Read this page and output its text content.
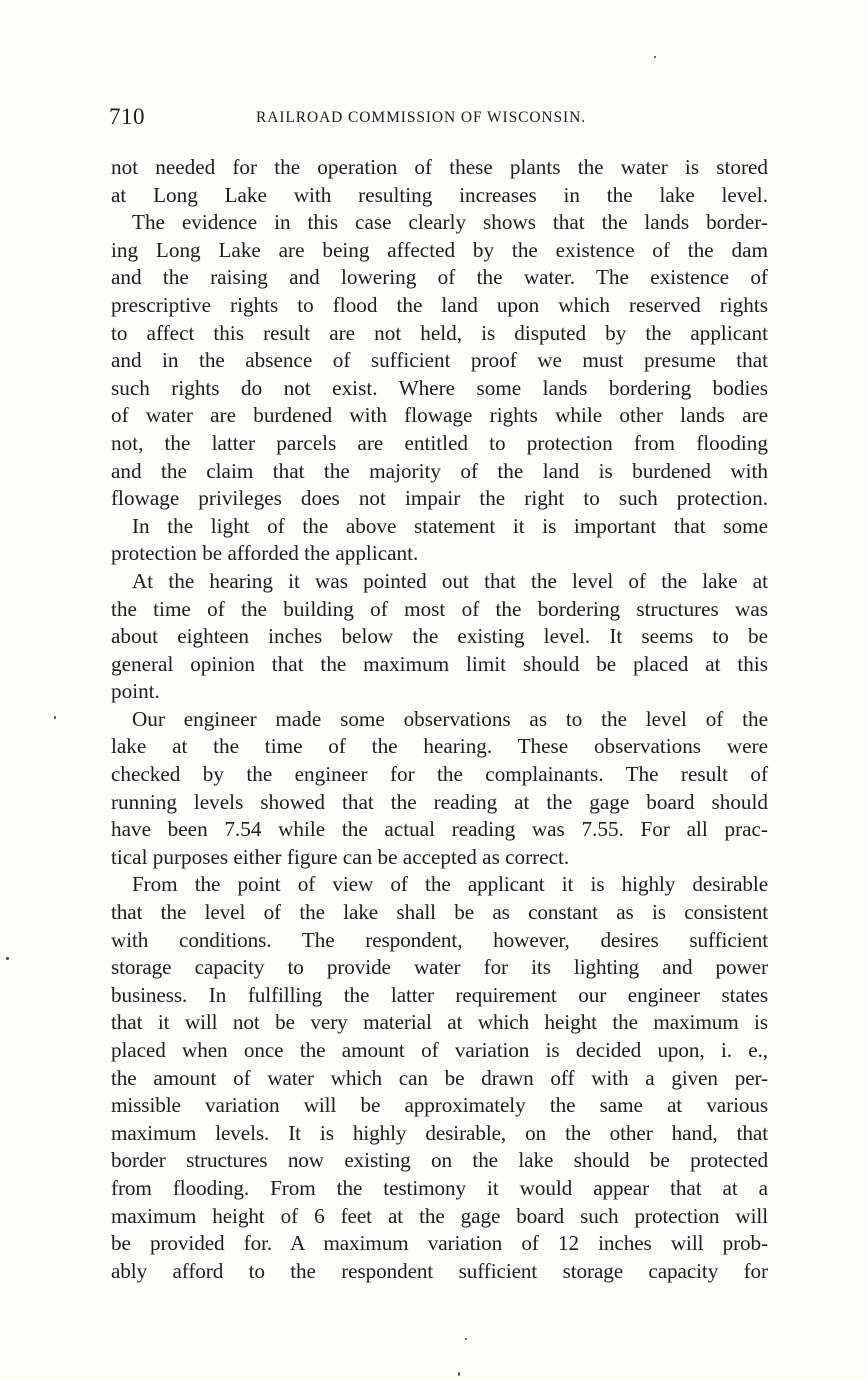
710	RAILROAD COMMISSION OF WISCONSIN.

not needed for the operation of these plants the water is stored
at Long Lake with resulting increases in the lake level.

The evidence in this case clearly shows that the lands border-
ing Long Lake are being affected by the existence of the dam
and the raising and lowering of the water. The existence of
prescriptive rights to flood the land upon which reserved rights
to affect this result are not held, is disputed by the applicant
and in the absence of sufficient proof we must presume that
such rights do not exist. Where some lands bordering bodies
of water are burdened with flowage rights while other lands are
not, the latter parcels are entitled to protection from flooding
and the claim that the majority of the land is burdened with
flowage privileges does not impair the right to such protection.

In the light of the above statement it is important that some
protection be afforded the applicant.

At the hearing it was pointed out that the level of the lake at
the time of the building of most of the bordering structures was
about eighteen inches below the existing level. It seems to be
general opinion that the maximum limit should be placed at this
point.

Our engineer made some observations as to the level of the
lake at the time of the hearing. These observations were
checked by the engineer for the complainants. The result of
running levels showed that the reading at the gage board should
have been 7.54 while the actual reading was 7.55. For all prac-
tical purposes either figure can be accepted as correct.

From the point of view of the applicant it is highly desirable
that the level of the lake shall be as constant as is consistent
with conditions. The respondent, however, desires sufficient
storage capacity to provide water for its lighting and power
business. In fulfilling the latter requirement our engineer states
that it will not be very material at which height the maximum is
placed when once the amount of variation is decided upon, i. e.,
the amount of water which can be drawn off with a given per-
missible variation will be approximately the same at various
maximum levels. It is highly desirable, on the other hand, that
border structures now existing on the lake should be protected
from flooding. From the testimony it would appear that at a
maximum height of 6 feet at the gage board such protection will
be provided for. A maximum variation of 12 inches will prob-
ably afford to the respondent sufficient storage capacity for
